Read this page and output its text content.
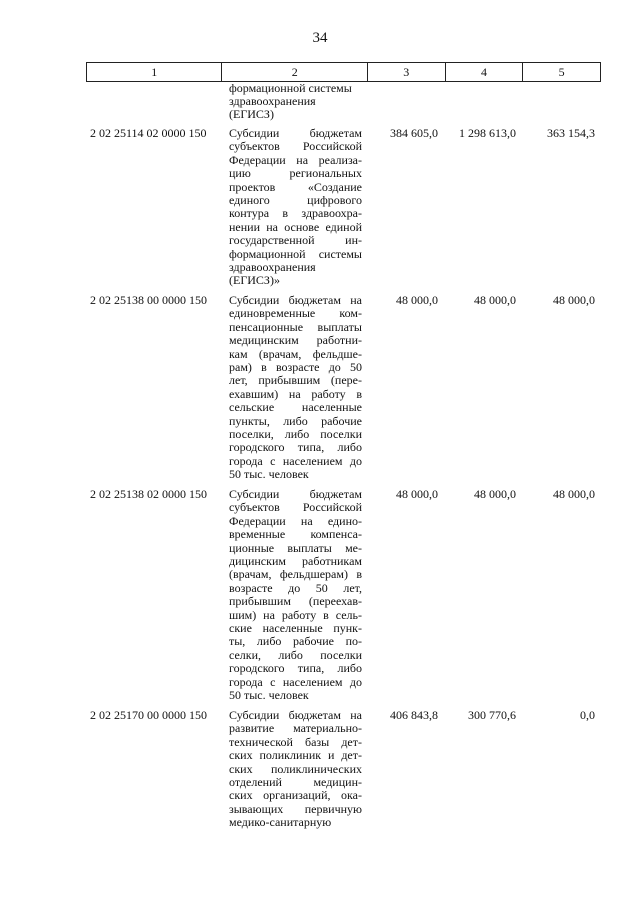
34
1	2	3	4	5
формационной системы
здравоохранения
(ЕГИСЗ)
2 02 25114 02 0000 150	Субсидии бюджетам
субъектов Российской
Федерации на реализа-
цию региональных
проектов «Создание
единого цифрового
контура в здравоохра-
нении на основе единой
государственной ин-
формационной системы
здравоохранения
(ЕГИСЗ)»
384 605,0	1 298 613,0	363 154,3
2 02 25138 00 0000 150	Субсидии бюджетам на
единовременные ком-
пенсационные выплаты
медицинским работни-
кам (врачам, фельдше-
рам) в возрасте до 50
лет, прибывшим (пере-
ехавшим) на работу в
сельские населенные
пункты, либо рабочие
поселки, либо поселки
городского типа, либо
города с населением до
50 тыс. человек
48 000,0	48 000,0	48 000,0
2 02 25138 02 0000 150	Субсидии бюджетам
субъектов Российской
Федерации на едино-
временные компенса-
ционные выплаты ме-
дицинским работникам
(врачам, фельдшерам) в
возрасте до 50 лет,
прибывшим (переехав-
шим) на работу в сель-
ские населенные пунк-
ты, либо рабочие по-
селки, либо поселки
городского типа, либо
города с населением до
50 тыс. человек
48 000,0	48 000,0	48 000,0
2 02 25170 00 0000 150	Субсидии бюджетам на
развитие материально-
технической базы дет-
ских поликлиник и дет-
ских поликлинических
отделений медицин-
ских организаций, ока-
зывающих первичную
медико-санитарную
406 843,8	300 770,6	0,0
